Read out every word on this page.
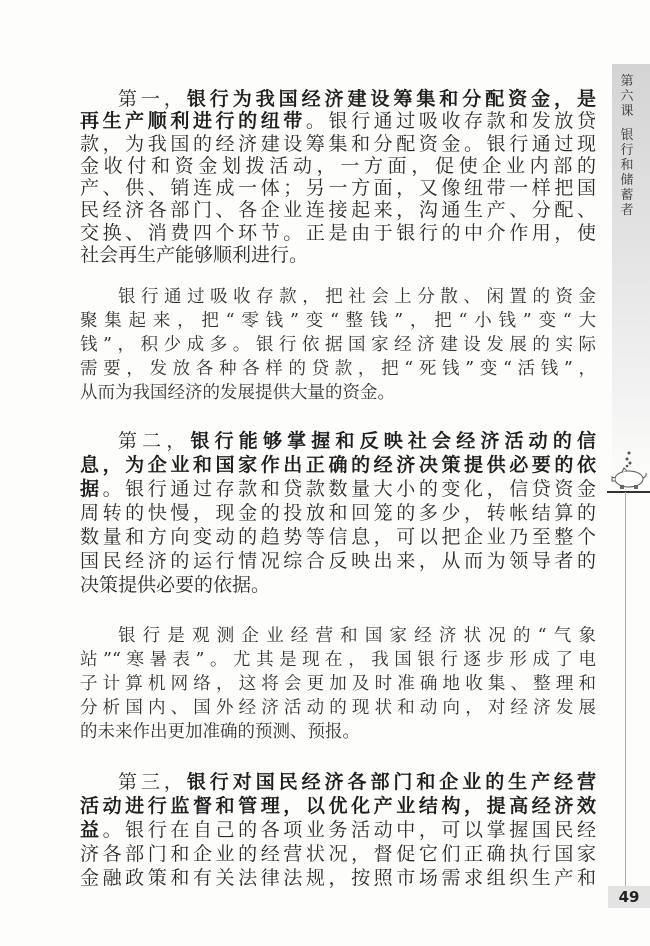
第六课
银行和储蓄者
49
第一，银行为我国经济建设筹集和分配资金，是
再生产顺利进行的纽带。银行通过吸收存款和发放贷
款，为我国的经济建设筹集和分配资金。银行通过现
金收付和资金划拨活动，一方面，促使企业内部的
产、供、销连成一体；另一方面，又像纽带一样把国
民经济各部门、各企业连接起来，沟通生产、分配、
交换、消费四个环节。正是由于银行的中介作用，使
社会再生产能够顺利进行。
银行通过吸收存款，把社会上分散、闲置的资金
聚集起来，把“零钱”变“整钱”，把“小钱”变“大
钱”，积少成多。银行依据国家经济建设发展的实际
需要，发放各种各样的贷款，把“死钱”变“活钱”，
从而为我国经济的发展提供大量的资金。
第二，银行能够掌握和反映社会经济活动的信
息，为企业和国家作出正确的经济决策提供必要的依
据。银行通过存款和贷款数量大小的变化，信贷资金
周转的快慢，现金的投放和回笼的多少，转帐结算的
数量和方向变动的趋势等信息，可以把企业乃至整个
国民经济的运行情况综合反映出来，从而为领导者的
决策提供必要的依据。
银行是观测企业经营和国家经济状况的“气象
站”“寒暑表”。尤其是现在，我国银行逐步形成了电
子计算机网络，这将会更加及时准确地收集、整理和
分析国内、国外经济活动的现状和动向，对经济发展
的未来作出更加准确的预测、预报。
第三，银行对国民经济各部门和企业的生产经营
活动进行监督和管理，以优化产业结构，提高经济效
益。银行在自己的各项业务活动中，可以掌握国民经
济各部门和企业的经营状况，督促它们正确执行国家
金融政策和有关法律法规，按照市场需求组织生产和
